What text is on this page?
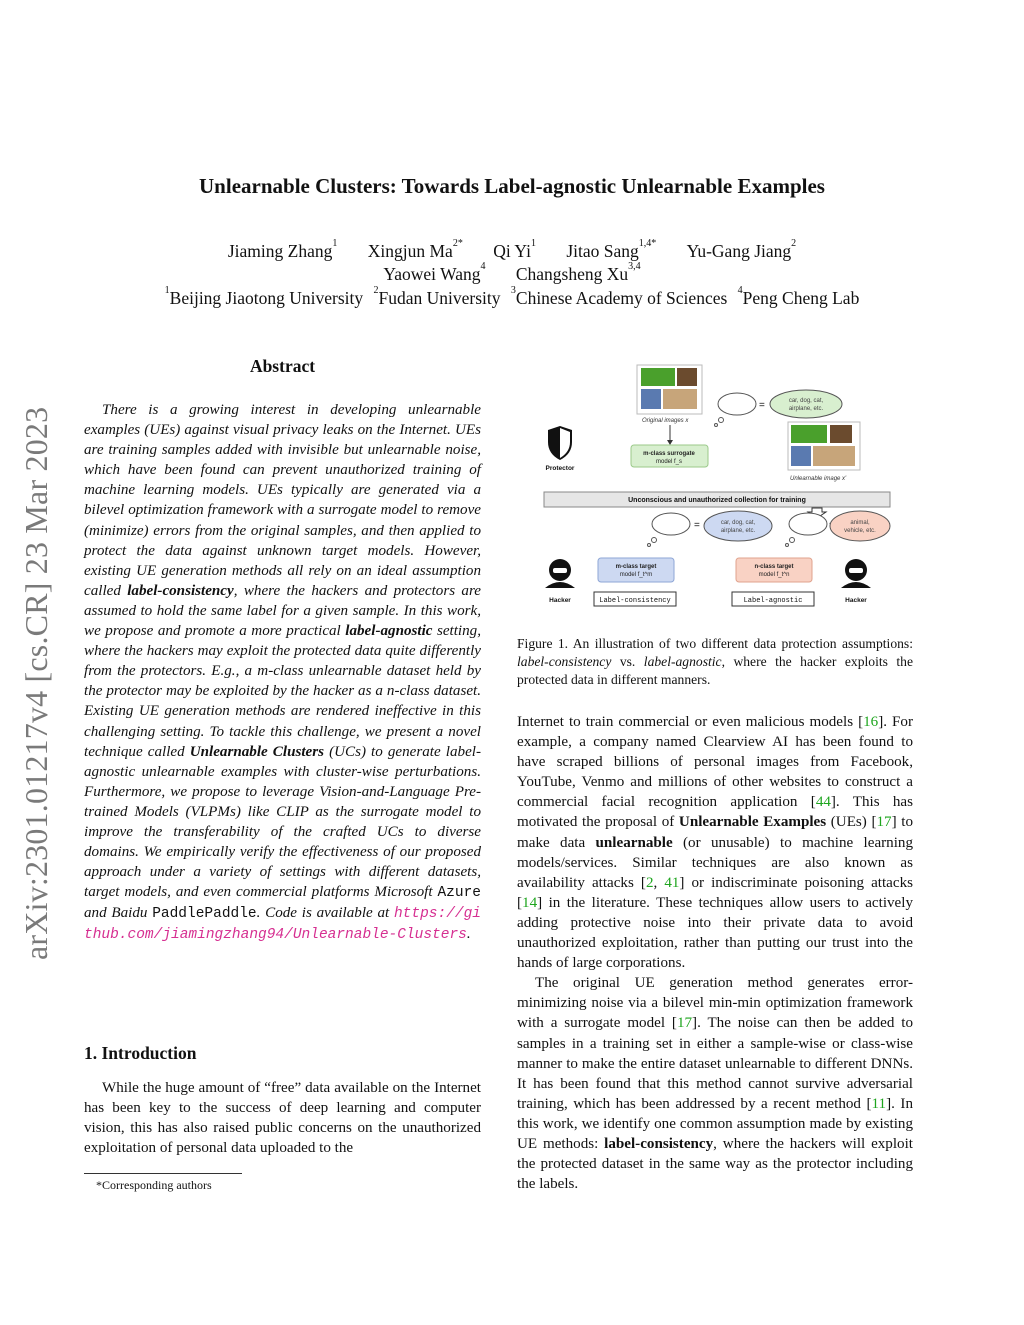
Unlearnable Clusters: Towards Label-agnostic Unlearnable Examples
Jiaming Zhang$^1$ Xingjun $Ma^{2*}$ Qi Yi$^1$ Jitao Sang$^{1,4*}$ Yu-Gang Jiang$^2$
Yaowei Wang$^4$ Changsheng Xu$^{3,4}$
$^1$Beijing Jiaotong University $^2$Fudan University $^3$Chinese Academy of Sciences $^4$Peng Cheng Lab
arXiv:2301.01217v4 [cs.CR] 23 Mar 2023
Abstract

There is a growing interest in developing unlearnable examples (UEs) against visual privacy leaks on the Internet. UEs are training samples added with invisible but unlearnable noise, which have been found can prevent unauthorized training of machine learning models. UEs typically are generated via a bilevel optimization framework with a surrogate model to remove (minimize) errors from the original samples, and then applied to protect the data against unknown target models. However, existing UE generation methods all rely on an ideal assumption called label-consistency, where the hackers and protectors are assumed to hold the same label for a given sample. In this work, we propose and promote a more practical label-agnostic setting, where the hackers may exploit the protected data quite differently from the protectors. E.g., a m-class unlearnable dataset held by the protector may be exploited by the hacker as a n-class dataset. Existing UE generation methods are rendered ineffective in this challenging setting. To tackle this challenge, we present a novel technique called Unlearnable Clusters (UCs) to generate label-agnostic unlearnable examples with cluster-wise perturbations. Furthermore, we propose to leverage Vision-and-Language Pre-trained Models (VLPMs) like CLIP as the surrogate model to improve the transferability of the crafted UCs to diverse domains. We empirically verify the effectiveness of our proposed approach under a variety of settings with different datasets, target models, and even commercial platforms Microsoft Azure and Baidu PaddlePaddle. Code is available at https://github.com/jiamingzhang94/Unlearnable-Clusters.

1. Introduction

While the huge amount of “free” data available on the Internet has been key to the success of deep learning and computer vision, this has also raised public concerns on the unauthorized exploitation of personal data uploaded to the

*Corresponding authors
Original images x
m-class surrogate
model f_s
Protector
=	car, dog, cat,
airplane, etc.
Unlearnable image x'
Unconscious and unauthorized collection for training
=	car, dog, cat,
airplane, etc.
animal,
vehicle, etc.
m-class target
model f_t^m
n-class target
model f_t^n
Label-consistency	Label-agnostic
Hacker	Hacker
Figure 1. An illustration of two different data protection assumptions: label-consistency vs. label-agnostic, where the hacker exploits the protected data in different manners.

Internet to train commercial or even malicious models [16]. For example, a company named Clearview AI has been found to have scraped billions of personal images from Facebook, YouTube, Venmo and millions of other websites to construct a commercial facial recognition application [44]. This has motivated the proposal of Unlearnable Examples (UEs) [17] to make data unlearnable (or unusable) to machine learning models/services. Similar techniques are also known as availability attacks [2, 41] or indiscriminate poisoning attacks [14] in the literature. These techniques allow users to actively adding protective noise into their private data to avoid unauthorized exploitation, rather than putting our trust into the hands of large corporations.

The original UE generation method generates error-minimizing noise via a bilevel min-min optimization framework with a surrogate model [17]. The noise can then be added to samples in a training set in either a sample-wise or class-wise manner to make the entire dataset unlearnable to different DNNs. It has been found that this method cannot survive adversarial training, which has been addressed by a recent method [11]. In this work, we identify one common assumption made by existing UE methods: label-consistency, where the hackers will exploit the protected dataset in the same way as the protector including the labels.
